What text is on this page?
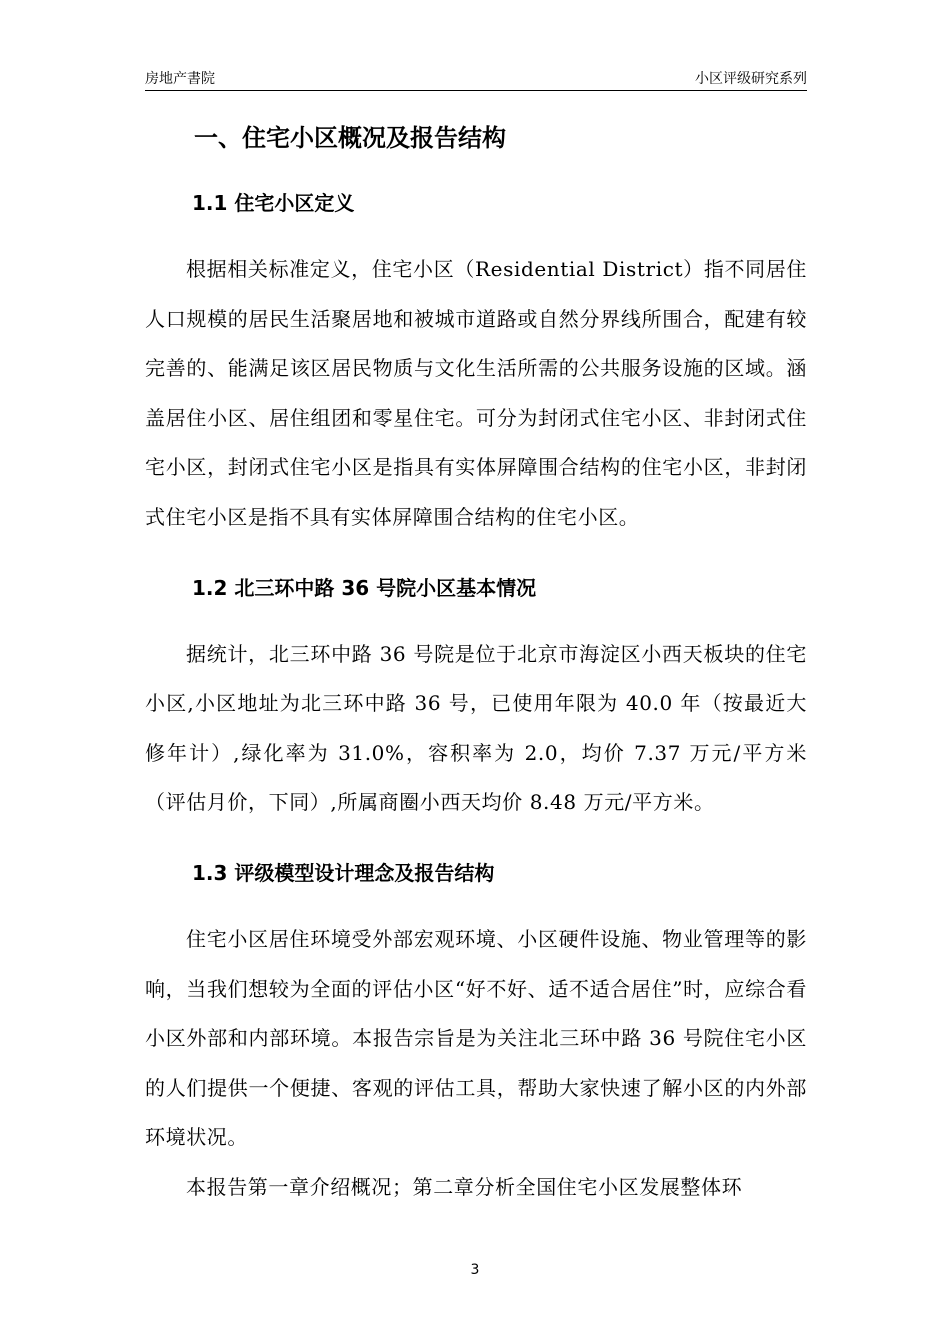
房地产書院	小区评级研究系列
一、住宅小区概况及报告结构
1.1 住宅小区定义

根据相关标准定义，住宅小区（Residential District）指不同居住人口规模的居民生活聚居地和被城市道路或自然分界线所围合，配建有较完善的、能满足该区居民物质与文化生活所需的公共服务设施的区域。涵盖居住小区、居住组团和零星住宅。可分为封闭式住宅小区、非封闭式住宅小区，封闭式住宅小区是指具有实体屏障围合结构的住宅小区，非封闭式住宅小区是指不具有实体屏障围合结构的住宅小区。

1.2 北三环中路 36 号院小区基本情况

据统计，北三环中路 36 号院是位于北京市海淀区小西天板块的住宅小区,小区地址为北三环中路 36 号，已使用年限为 40.0 年（按最近大修年计）,绿化率为 31.0%，容积率为 2.0，均价 7.37 万元/平方米（评估月价，下同）,所属商圈小西天均价 8.48 万元/平方米。

1.3 评级模型设计理念及报告结构

住宅小区居住环境受外部宏观环境、小区硬件设施、物业管理等的影响，当我们想较为全面的评估小区“好不好、适不适合居住”时，应综合看小区外部和内部环境。本报告宗旨是为关注北三环中路 36 号院住宅小区的人们提供一个便捷、客观的评估工具，帮助大家快速了解小区的内外部环境状况。

本报告第一章介绍概况；第二章分析全国住宅小区发展整体环

3
